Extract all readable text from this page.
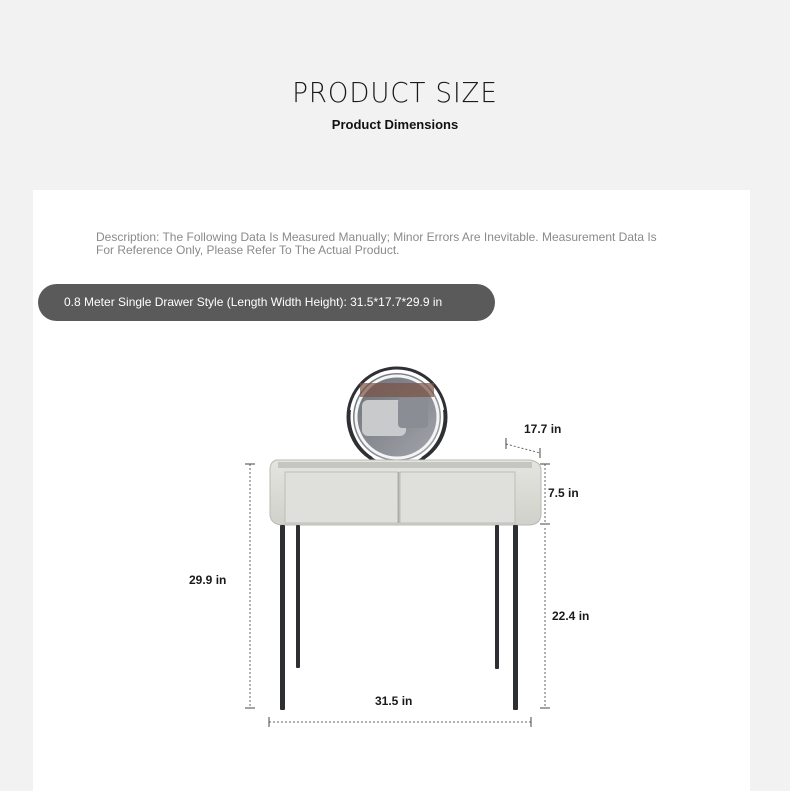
PRODUCT SIZE
Product Dimensions
Description: The Following Data Is Measured Manually; Minor Errors Are Inevitable. Measurement Data Is For Reference Only, Please Refer To The Actual Product.
0.8 Meter Single Drawer Style (Length Width Height): 31.5*17.7*29.9 in
17.7 in
7.5 in
29.9 in
22.4 in
31.5 in
